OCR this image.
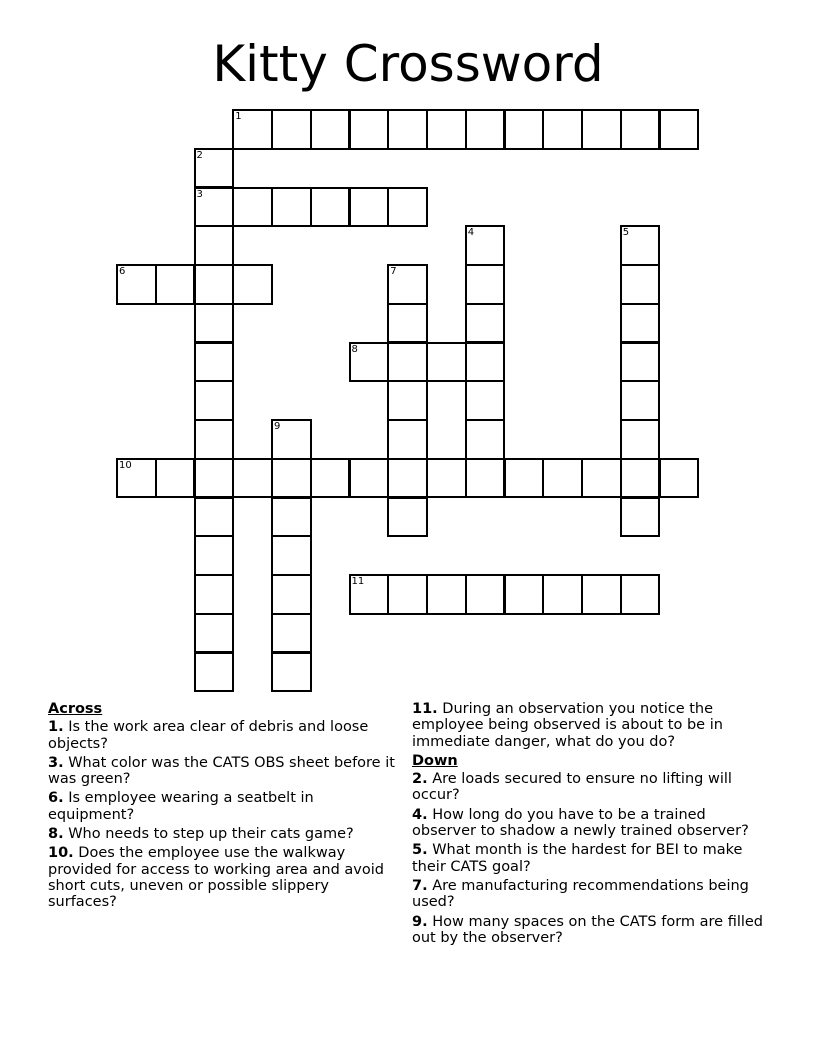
Kitty Crossword
1
2
3
4	5
6	7
8
9
10
11
Across
1. Is the work area clear of debris and loose objects?
3. What color was the CATS OBS sheet before it was green?
6. Is employee wearing a seatbelt in equipment?
8. Who needs to step up their cats game?
10. Does the employee use the walkway provided for access to working area and avoid short cuts, uneven or possible slippery surfaces?
11. During an observation you notice the employee being observed is about to be in immediate danger, what do you do?
Down
2. Are loads secured to ensure no lifting will occur?
4. How long do you have to be a trained observer to shadow a newly trained observer?
5. What month is the hardest for BEI to make their CATS goal?
7. Are manufacturing recommendations being used?
9. How many spaces on the CATS form are filled out by the observer?
